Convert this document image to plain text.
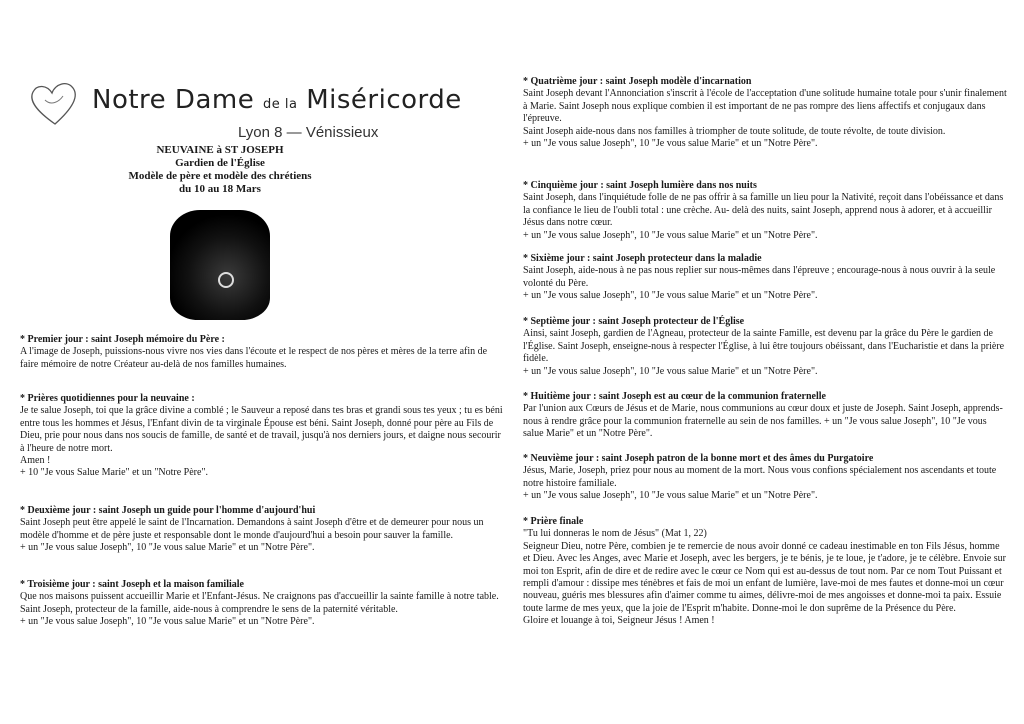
Notre Dame de la Miséricorde
Lyon 8 — Vénissieux
NEUVAINE à ST JOSEPH
Gardien de l'Église
Modèle de père et modèle des chrétiens
du 10 au 18 Mars

* Premier jour : saint Joseph mémoire du Père :

A l'image de Joseph, puissions-nous vivre nos vies dans l'écoute et le respect de nos pères et mères de la terre afin de faire mémoire de notre Créateur au-delà de nos familles humaines.

* Prières quotidiennes pour la neuvaine :

Je te salue Joseph, toi que la grâce divine a comblé ; le Sauveur a reposé dans tes bras et grandi sous tes yeux ; tu es béni entre tous les hommes et Jésus, l'Enfant divin de ta virginale Épouse est béni. Saint Joseph, donné pour père au Fils de Dieu, prie pour nous dans nos soucis de famille, de santé et de travail, jusqu'à nos derniers jours, et daigne nous secourir à l'heure de notre mort.

Amen !

+ 10 "Je vous Salue Marie" et un "Notre Père".

* Deuxième jour : saint Joseph un guide pour l'homme d'aujourd'hui

Saint Joseph peut être appelé le saint de l'Incarnation. Demandons à saint Joseph d'être et de demeurer pour nous un modèle d'homme et de père juste et responsable dont le monde d'aujourd'hui a besoin pour sauver la famille.

+ un "Je vous salue Joseph", 10 "Je vous salue Marie" et un "Notre Père".

* Troisième jour : saint Joseph et la maison familiale

Que nos maisons puissent accueillir Marie et l'Enfant-Jésus. Ne craignons pas d'accueillir la sainte famille à notre table.

Saint Joseph, protecteur de la famille, aide-nous à comprendre le sens de la paternité véritable.

+ un "Je vous salue Joseph", 10 "Je vous salue Marie" et un "Notre Père".

* Quatrième jour : saint Joseph modèle d'incarnation

Saint Joseph devant l'Annonciation s'inscrit à l'école de l'acceptation d'une solitude humaine totale pour s'unir finalement à Marie. Saint Joseph nous explique combien il est important de ne pas rompre des liens affectifs et conjugaux dans l'épreuve.

Saint Joseph aide-nous dans nos familles à triompher de toute solitude, de toute révolte, de toute division.

+ un "Je vous salue Joseph", 10 "Je vous salue Marie" et un "Notre Père".

* Cinquième jour : saint Joseph lumière dans nos nuits

Saint Joseph, dans l'inquiétude folle de ne pas offrir à sa famille un lieu pour la Nativité, reçoit dans l'obéissance et dans la confiance le lieu de l'oubli total : une crèche. Au- delà des nuits, saint Joseph, apprend nous à adorer, et à accueillir Jésus dans notre cœur.

+ un "Je vous salue Joseph", 10 "Je vous salue Marie" et un "Notre Père".

* Sixième jour : saint Joseph protecteur dans la maladie

Saint Joseph, aide-nous à ne pas nous replier sur nous-mêmes dans l'épreuve ; encourage-nous à nous ouvrir à la seule volonté du Père.

+ un "Je vous salue Joseph", 10 "Je vous salue Marie" et un "Notre Père".

* Septième jour : saint Joseph protecteur de l'Église

Ainsi, saint Joseph, gardien de l'Agneau, protecteur de la sainte Famille, est devenu par la grâce du Père le gardien de l'Église. Saint Joseph, enseigne-nous à respecter l'Église, à lui être toujours obéissant, dans l'Eucharistie et dans la prière fidèle.

+ un "Je vous salue Joseph", 10 "Je vous salue Marie" et un "Notre Père".

* Huitième jour : saint Joseph est au cœur de la communion fraternelle

Par l'union aux Cœurs de Jésus et de Marie, nous communions au cœur doux et juste de Joseph. Saint Joseph, apprends-nous à rendre grâce pour la communion fraternelle au sein de nos familles. + un "Je vous salue Joseph", 10 "Je vous salue Marie" et un "Notre Père".

* Neuvième jour : saint Joseph patron de la bonne mort et des âmes du Purgatoire

Jésus, Marie, Joseph, priez pour nous au moment de la mort. Nous vous confions spécialement nos ascendants et toute notre histoire familiale.

+ un "Je vous salue Joseph", 10 "Je vous salue Marie" et un "Notre Père".

* Prière finale

"Tu lui donneras le nom de Jésus" (Mat 1, 22)

Seigneur Dieu, notre Père, combien je te remercie de nous avoir donné ce cadeau inestimable en ton Fils Jésus, homme et Dieu. Avec les Anges, avec Marie et Joseph, avec les bergers, je te bénis, je te loue, je t'adore, je te célèbre. Envoie sur moi ton Esprit, afin de dire et de redire avec le cœur ce Nom qui est au-dessus de tout nom. Par ce nom Tout Puissant et rempli d'amour : dissipe mes ténèbres et fais de moi un enfant de lumière, lave-moi de mes fautes et donne-moi un cœur nouveau, guéris mes blessures afin d'aimer comme tu aimes, délivre-moi de mes angoisses et donne-moi ta paix. Essuie toute larme de mes yeux, que la joie de l'Esprit m'habite. Donne-moi le don suprême de la Présence du Père.

Gloire et louange à toi, Seigneur Jésus ! Amen !
